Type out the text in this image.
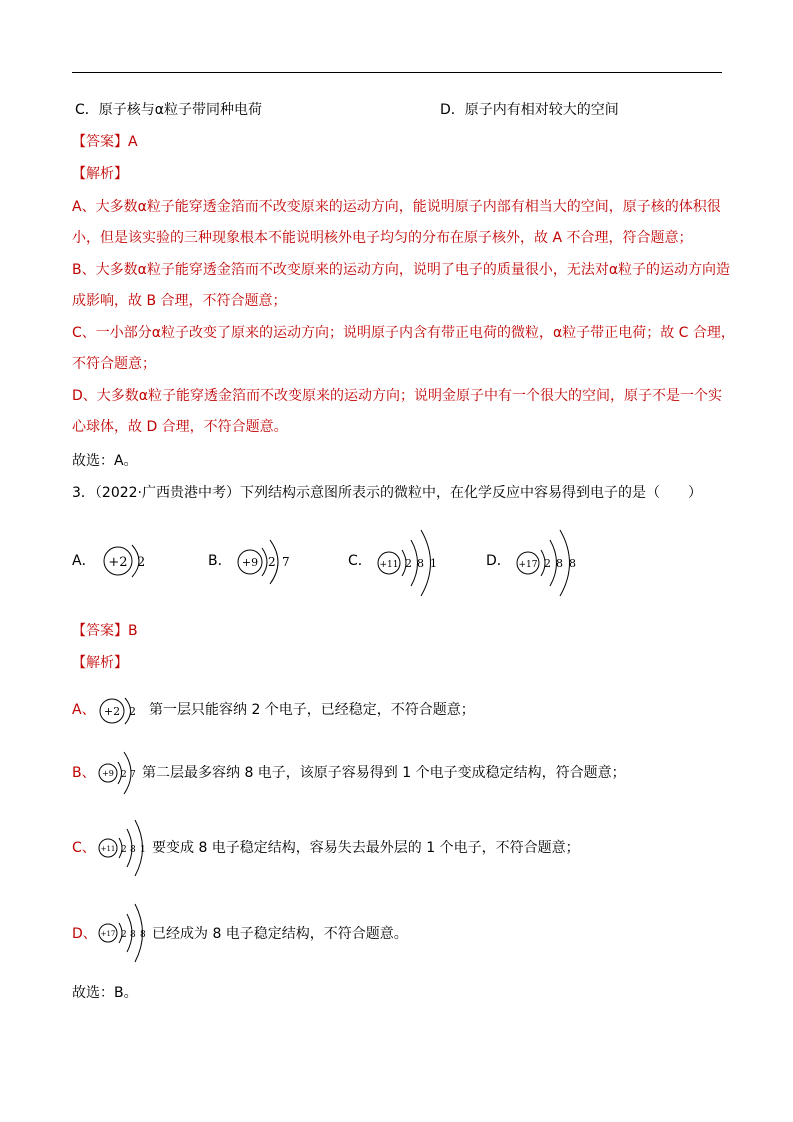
C．原子核与α粒子带同种电荷	D．原子内有相对较大的空间
【答案】A
【解析】
A、大多数α粒子能穿透金箔而不改变原来的运动方向，能说明原子内部有相当大的空间，原子核的体积很
小，但是该实验的三种现象根本不能说明核外电子均匀的分布在原子核外，故 A 不合理，符合题意；
B、大多数α粒子能穿透金箔而不改变原来的运动方向，说明了电子的质量很小，无法对α粒子的运动方向造
成影响，故 B 合理，不符合题意；
C、一小部分α粒子改变了原来的运动方向；说明原子内含有带正电荷的微粒，α粒子带正电荷；故 C 合理，
不符合题意；
D、大多数α粒子能穿透金箔而不改变原来的运动方向；说明金原子中有一个很大的空间，原子不是一个实
心球体，故 D 合理，不符合题意。
故选：A。
3．（2022·广西贵港中考）下列结构示意图所表示的微粒中，在化学反应中容易得到电子的是（　　）
A． +2 2	B． +9 2 7	C． +11 2 8 1	D． +17 2 8 8
【答案】B
【解析】
A、 +2 2 第一层只能容纳 2 个电子，已经稳定，不符合题意；
B、 +9 2 7 第二层最多容纳 8 电子，该原子容易得到 1 个电子变成稳定结构，符合题意；
C、 +11 2 8 1 要变成 8 电子稳定结构，容易失去最外层的 1 个电子，不符合题意；
D、 +17 2 8 8 已经成为 8 电子稳定结构，不符合题意。
故选：B。
